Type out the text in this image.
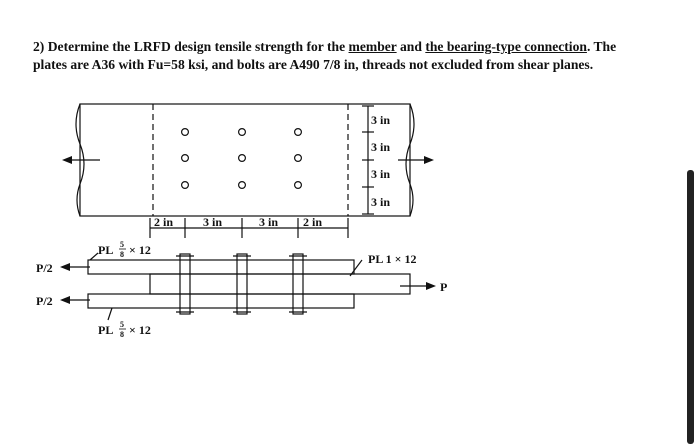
2) Determine the LRFD design tensile strength for the member and the bearing-type connection. The plates are A36 with Fu=58 ksi, and bolts are A490 7/8 in, threads not excluded from shear planes.
3 in
3 in
3 in
3 in
2 in 3 in	3 in 2 in
PL 5
8 × 12
PL 5
8 × 12
PL 1 × 12
P/2
P/2
P
